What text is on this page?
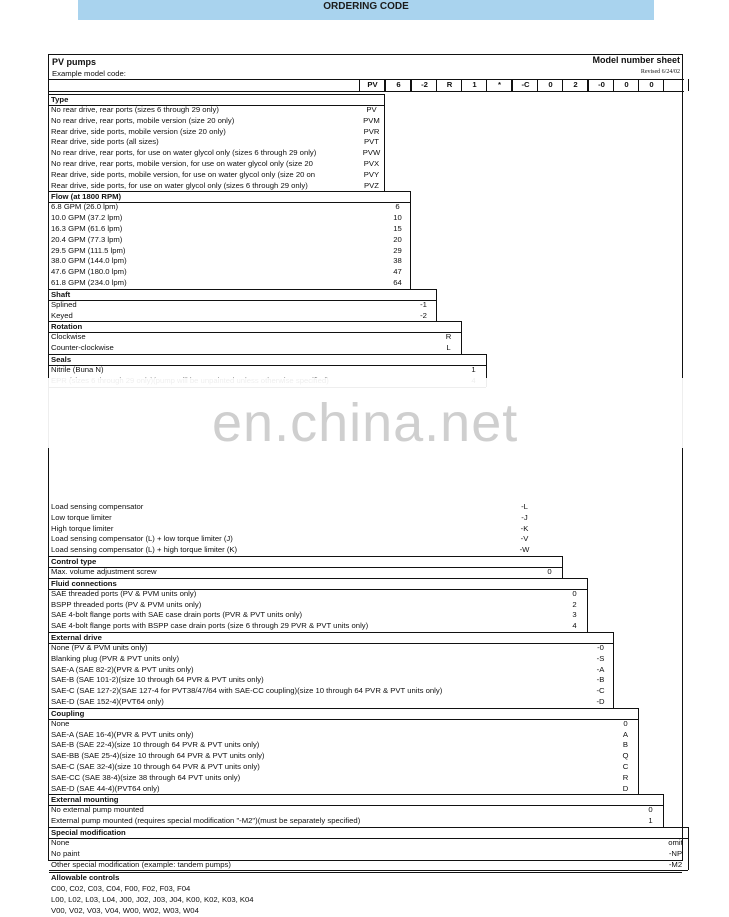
ORDERING CODE
PV pumps	Model number sheet
Example model code:	Revised 6/24/02
PV	6	-2	R	1	*	-C	0	2	-0	0	0
Type
No rear drive, rear ports (sizes 6 through 29 only)	PV
No rear drive, rear ports, mobile version (size 20 only)	PVM
Rear drive, side ports, mobile version (size 20 only)	PVR
Rear drive, side ports (all sizes)	PVT
No rear drive, rear ports, for use on water glycol only (sizes 6 through 29 only)	PVW
No rear drive, rear ports, mobile version, for use on water glycol only (size 20	PVX
Rear drive, side ports, mobile version, for use on water glycol only (size 20 on	PVY
Rear drive, side ports, for use on water glycol only (sizes 6 through 29 only)	PVZ
Flow (at 1800 RPM)
6.8 GPM (26.0 lpm)	6
10.0 GPM (37.2 lpm)	10
16.3 GPM (61.6 lpm)	15
20.4 GPM (77.3 lpm)	20
29.5 GPM (111.5 lpm)	29
38.0 GPM (144.0 lpm)	38
47.6 GPM (180.0 lpm)	47
61.8 GPM (234.0 lpm)	64
Shaft
Splined	-1
Keyed	-2
Rotation
Clockwise	R
Counter-clockwise	L
Seals
Nitrile (Buna N)	1
Load sensing compensator	-L
Low torque limiter	-J
High torque limiter	-K
Load sensing compensator (L) + low torque limiter (J)	-V
Load sensing compensator (L) + high torque limiter (K)	-W
Control type
Max. volume adjustment screw	0
Fluid connections
SAE threaded ports (PV & PVM units only)	0
BSPP threaded ports (PV & PVM units only)	2
SAE 4-bolt flange ports with SAE case drain ports (PVR & PVT units only)	3
SAE 4-bolt flange ports with BSPP case drain ports (size 6 through 29 PVR & PVT units only)	4
External drive
None (PV & PVM units only)	-0
Blanking plug (PVR & PVT units only)	-S
SAE-A (SAE 82-2)(PVR & PVT units only)	-A
SAE-B (SAE 101-2)(size 10 through 64 PVR & PVT units only)	-B
SAE-C (SAE 127-2)(SAE 127-4 for PVT38/47/64 with SAE-CC coupling)(size 10 through 64 PVR & PVT units only)	-C
SAE-D (SAE 152-4)(PVT64 only)	-D
Coupling
None	0
SAE-A (SAE 16-4)(PVR & PVT units only)	A
SAE-B (SAE 22-4)(size 10 through 64 PVR & PVT units only)	B
SAE-BB (SAE 25-4)(size 10 through 64 PVR & PVT units only)	Q
SAE-C (SAE 32-4)(size 10 through 64 PVR & PVT units only)	C
SAE-CC (SAE 38-4)(size 38 through 64 PVT units only)	R
SAE-D (SAE 44-4)(PVT64 only)	D
External mounting
No external pump mounted	0
External pump mounted (requires special modification "-M2")(must be separately specified)	1
Special modification
None	omit
No paint	-NP
Other special modification (example: tandem pumps)	-M2
Allowable controls
C00, C02, C03, C04, F00, F02, F03, F04
L00, L02, L03, L04, J00, J02, J03, J04, K00, K02, K03, K04
V00, V02, V03, V04, W00, W02, W03, W04
en.china.net
